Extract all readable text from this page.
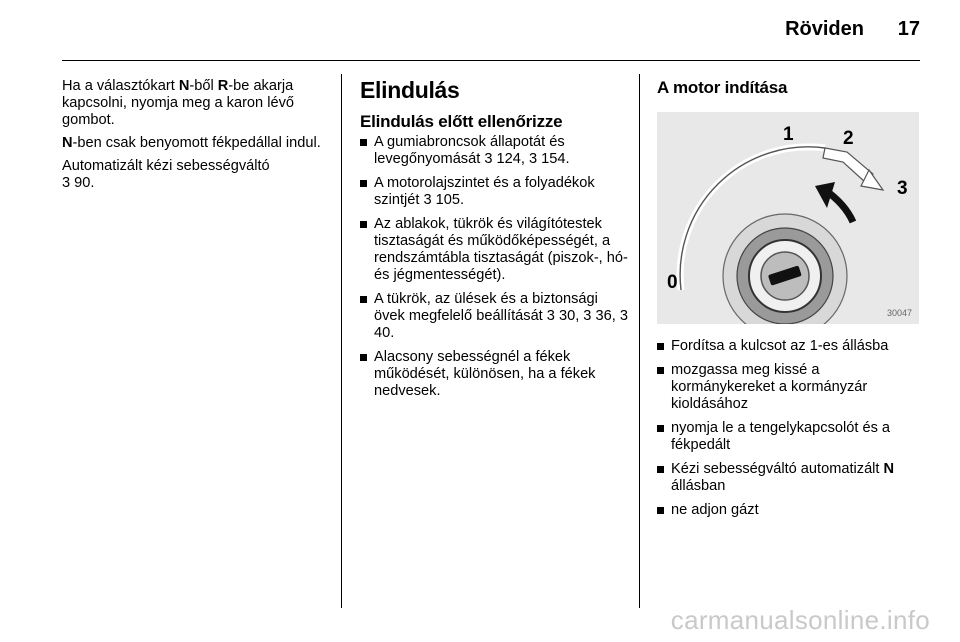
Röviden 17

Ha a választókart N-ből R-be akarja kapcsolni, nyomja meg a karon lévő gombot.

N-ben csak benyomott fékpedállal indul.

Automatizált kézi sebességváltó
3 90.

Elindulás
Elindulás előtt ellenőrizze
A gumiabroncsok állapotát és levegőnyomását 3 124, 3 154.
A motorolajszintet és a folyadékok szintjét 3 105.
Az ablakok, tükrök és világítótestek tisztaságát és működőképességét, a rendszámtábla tisztaságát (piszok-, hó- és jégmentességét).
A tükrök, az ülések és a biztonsági övek megfelelő beállítását 3 30, 3 36, 3 40.
Alacsony sebességnél a fékek működését, különösen, ha a fékek nedvesek.
A motor indítása
0
1	2
3
30047
Fordítsa a kulcsot az 1-es állásba
mozgassa meg kissé a kormánykereket a kormányzár kioldásához
nyomja le a tengelykapcsolót és a fékpedált
Kézi sebességváltó automatizált N állásban
ne adjon gázt
carmanualsonline.info
